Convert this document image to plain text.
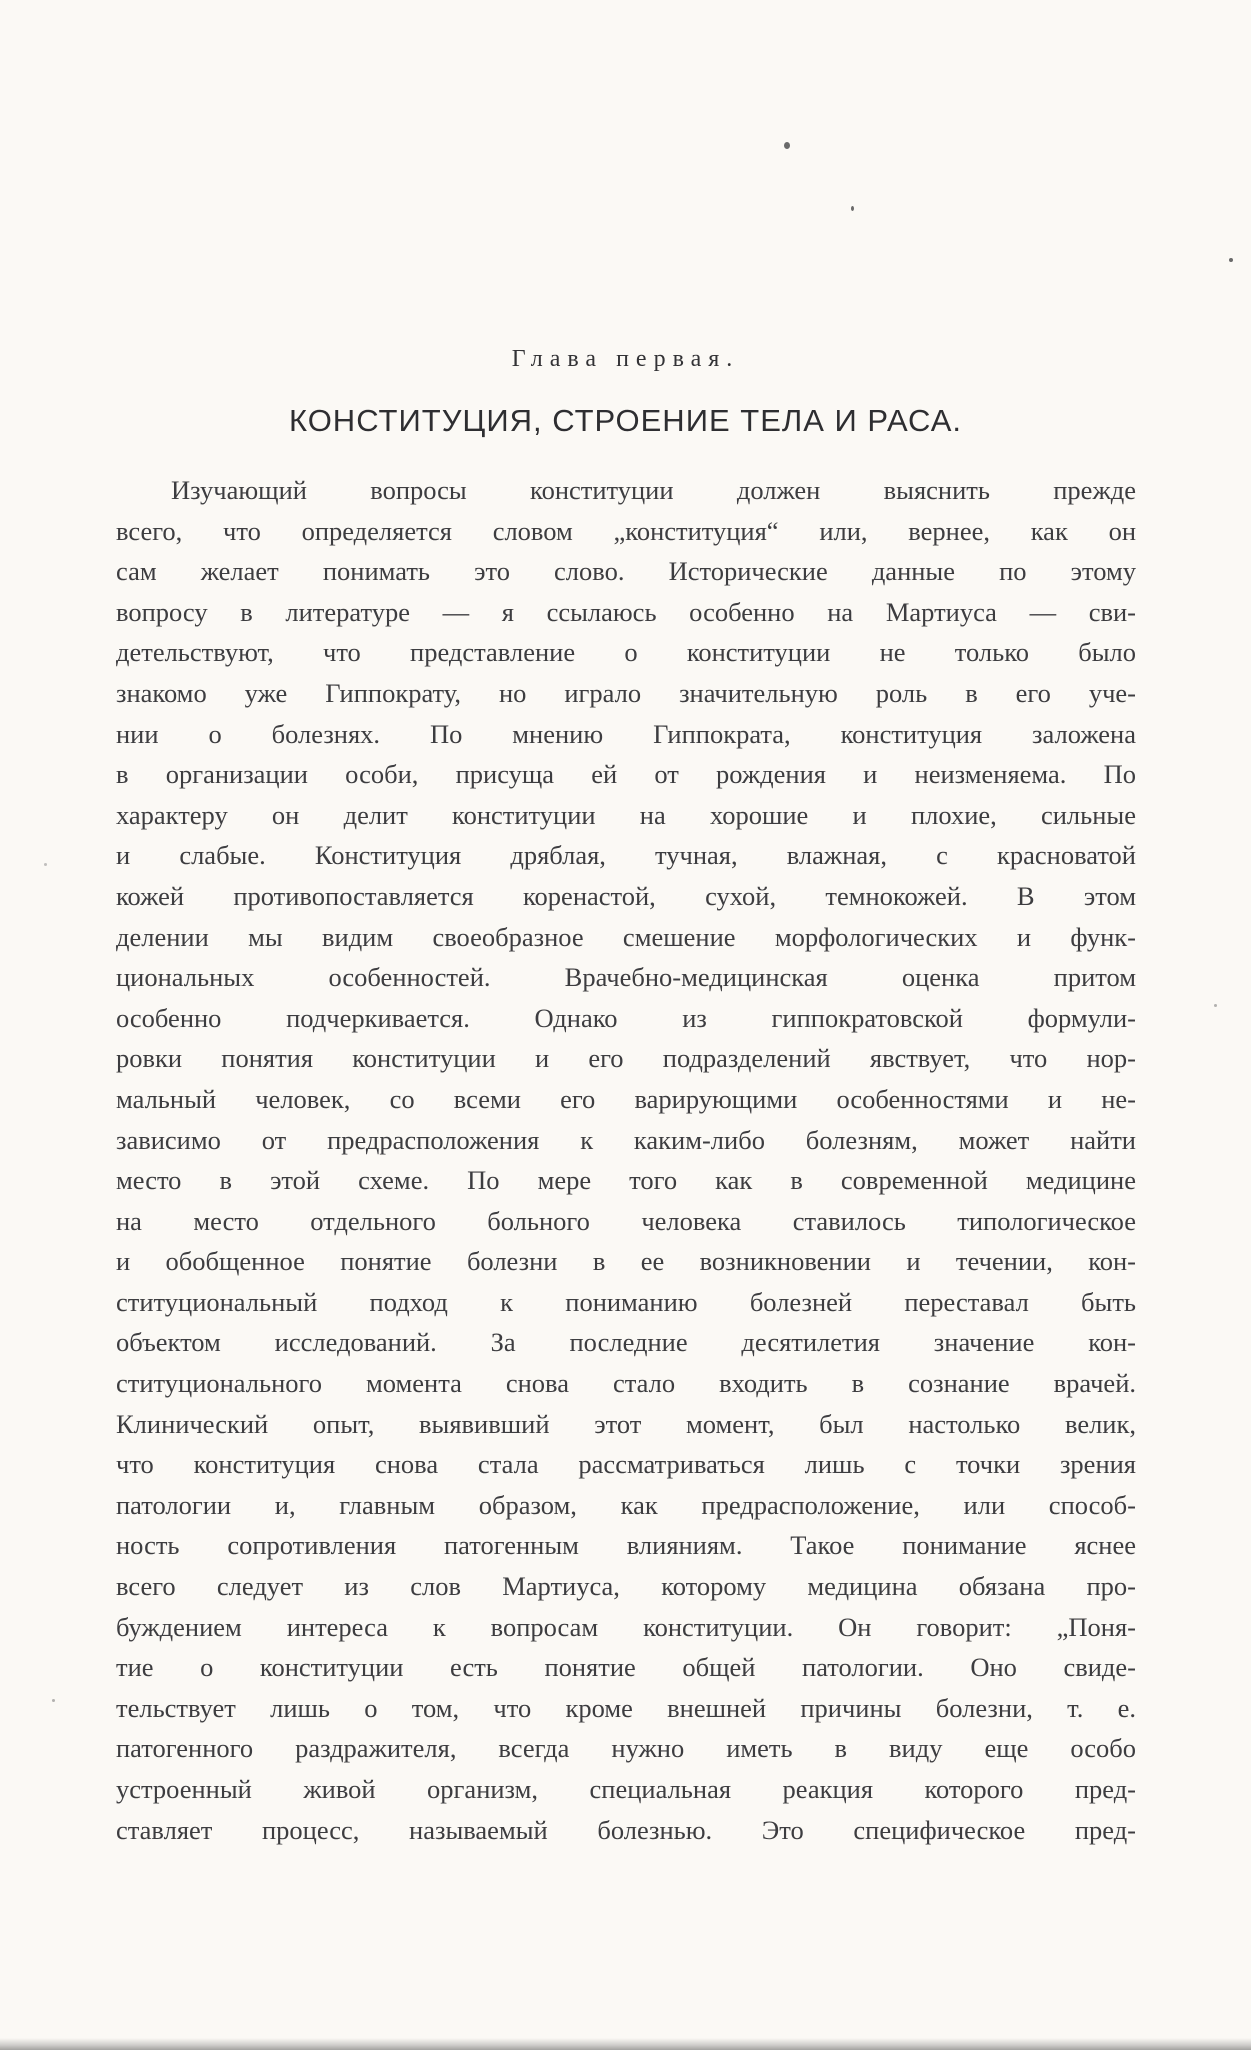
Глава первая.
КОНСТИТУЦИЯ, СТРОЕНИЕ ТЕЛА И РАСА.
Изучающий вопросы конституции должен выяснить прежде
всего, что определяется словом „конституция“ или, вернее, как он
сам желает понимать это слово. Исторические данные по этому
вопросу в литературе — я ссылаюсь особенно на Мартиуса — сви-
детельствуют, что представление о конституции не только было
знакомо уже Гиппократу, но играло значительную роль в его уче-
нии о болезнях. По мнению Гиппократа, конституция заложена
в организации особи, присуща ей от рождения и неизменяема. По
характеру он делит конституции на хорошие и плохие, сильные
и слабые. Конституция дряблая, тучная, влажная, с красноватой
кожей противопоставляется коренастой, сухой, темнокожей. В этом
делении мы видим своеобразное смешение морфологических и функ-
циональных особенностей. Врачебно-медицинская оценка притом
особенно подчеркивается. Однако из гиппократовской формули-
ровки понятия конституции и его подразделений явствует, что нор-
мальный человек, со всеми его варирующими особенностями и не-
зависимо от предрасположения к каким-либо болезням, может найти
место в этой схеме. По мере того как в современной медицине
на место отдельного больного человека ставилось типологическое
и обобщенное понятие болезни в ее возникновении и течении, кон-
ституциональный подход к пониманию болезней переставал быть
объектом исследований. За последние десятилетия значение кон-
ституционального момента снова стало входить в сознание врачей.
Клинический опыт, выявивший этот момент, был настолько велик,
что конституция снова стала рассматриваться лишь с точки зрения
патологии и, главным образом, как предрасположение, или способ-
ность сопротивления патогенным влияниям. Такое понимание яснее
всего следует из слов Мартиуса, которому медицина обязана про-
буждением интереса к вопросам конституции. Он говорит: „Поня-
тие о конституции есть понятие общей патологии. Оно свиде-
тельствует лишь о том, что кроме внешней причины болезни, т. е.
патогенного раздражителя, всегда нужно иметь в виду еще особо
устроенный живой организм, специальная реакция которого пред-
ставляет процесс, называемый болезнью. Это специфическое пред-
